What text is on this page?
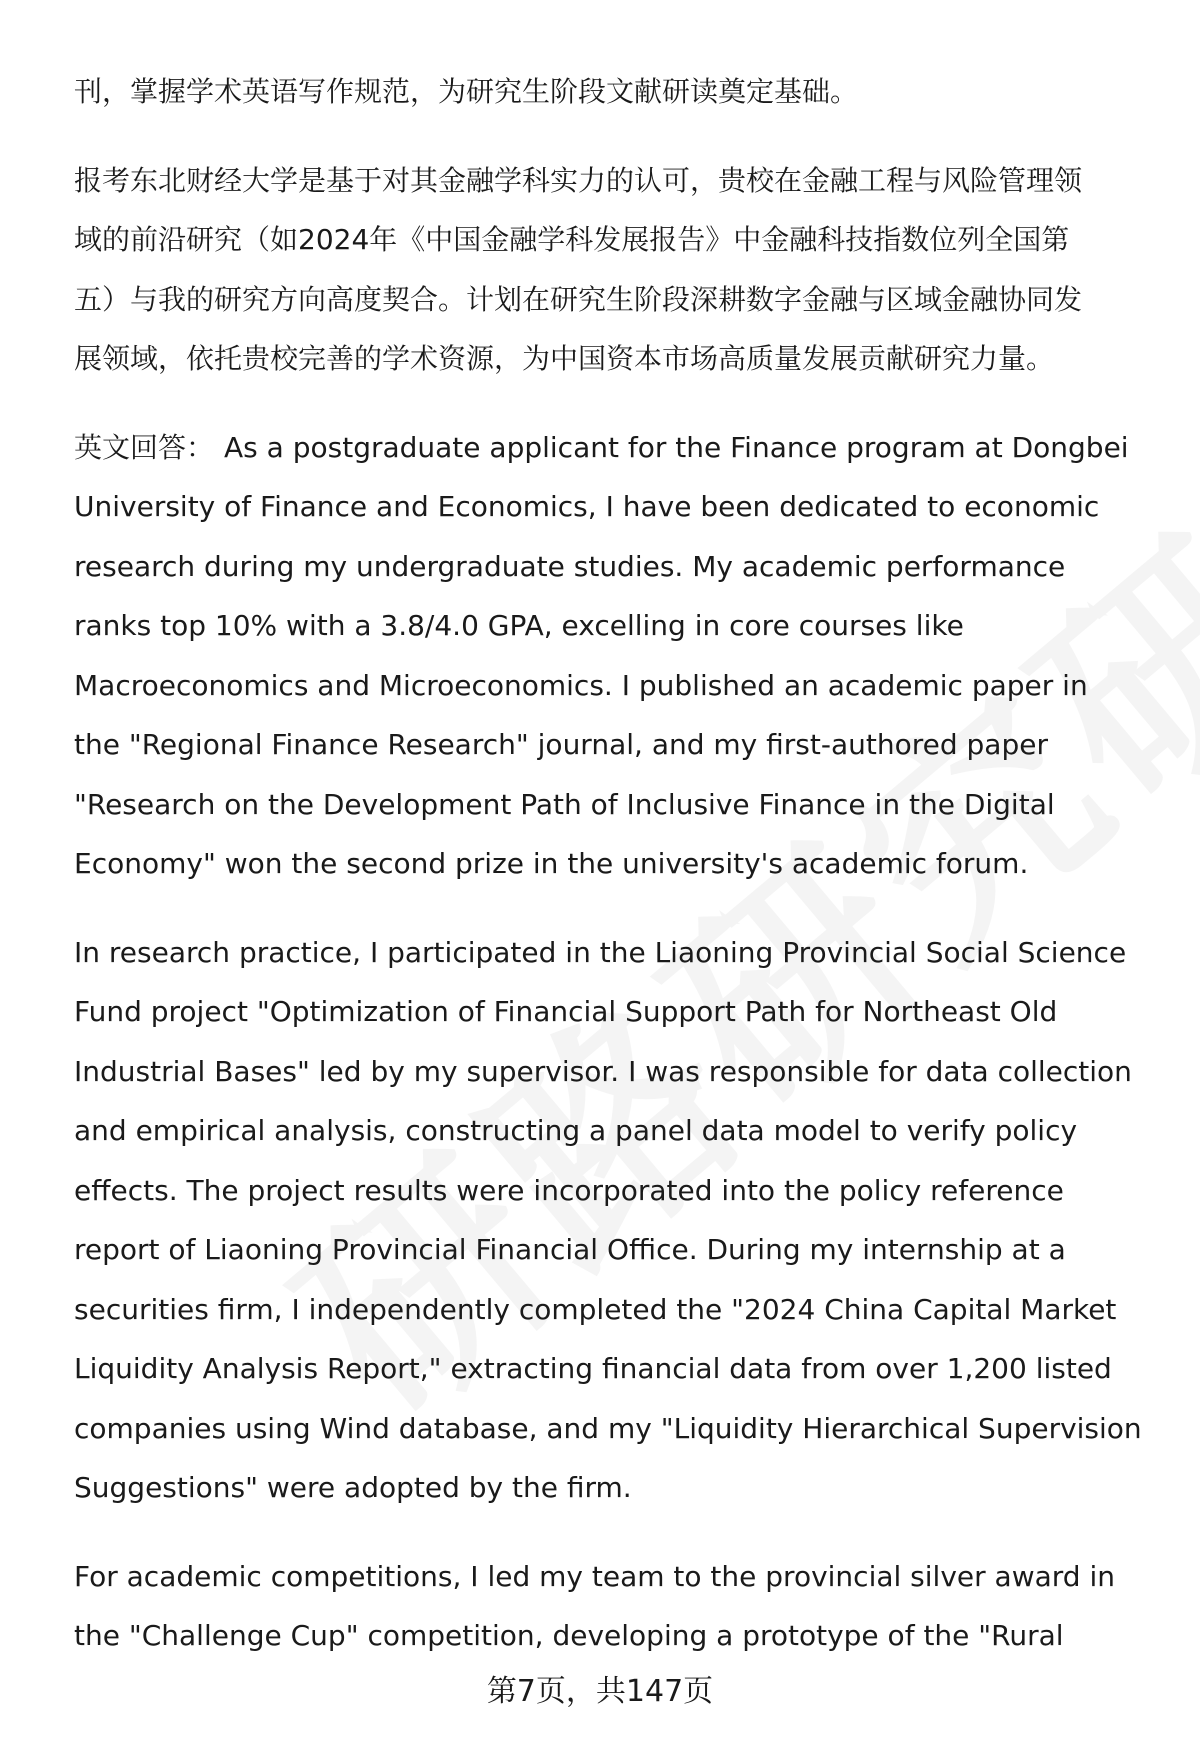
刊，掌握学术英语写作规范，为研究生阶段文献研读奠定基础。

报考东北财经大学是基于对其金融学科实力的认可，贵校在金融工程与风险管理领
域的前沿研究（如2024年《中国金融学科发展报告》中金融科技指数位列全国第
五）与我的研究方向高度契合。计划在研究生阶段深耕数字金融与区域金融协同发
展领域，依托贵校完善的学术资源，为中国资本市场高质量发展贡献研究力量。

英文回答： As a postgraduate applicant for the Finance program at Dongbei
University of Finance and Economics, I have been dedicated to economic
research during my undergraduate studies. My academic performance
ranks top 10% with a 3.8/4.0 GPA, excelling in core courses like
Macroeconomics and Microeconomics. I published an academic paper in
the "Regional Finance Research" journal, and my first-authored paper
"Research on the Development Path of Inclusive Finance in the Digital
Economy" won the second prize in the university's academic forum.

In research practice, I participated in the Liaoning Provincial Social Science
Fund project "Optimization of Financial Support Path for Northeast Old
Industrial Bases" led by my supervisor. I was responsible for data collection
and empirical analysis, constructing a panel data model to verify policy
effects. The project results were incorporated into the policy reference
report of Liaoning Provincial Financial Office. During my internship at a
securities firm, I independently completed the "2024 China Capital Market
Liquidity Analysis Report," extracting financial data from over 1,200 listed
companies using Wind database, and my "Liquidity Hierarchical Supervision
Suggestions" were adopted by the firm.

For academic competitions, I led my team to the provincial silver award in
the "Challenge Cup" competition, developing a prototype of the "Rural

第7页，共147页
